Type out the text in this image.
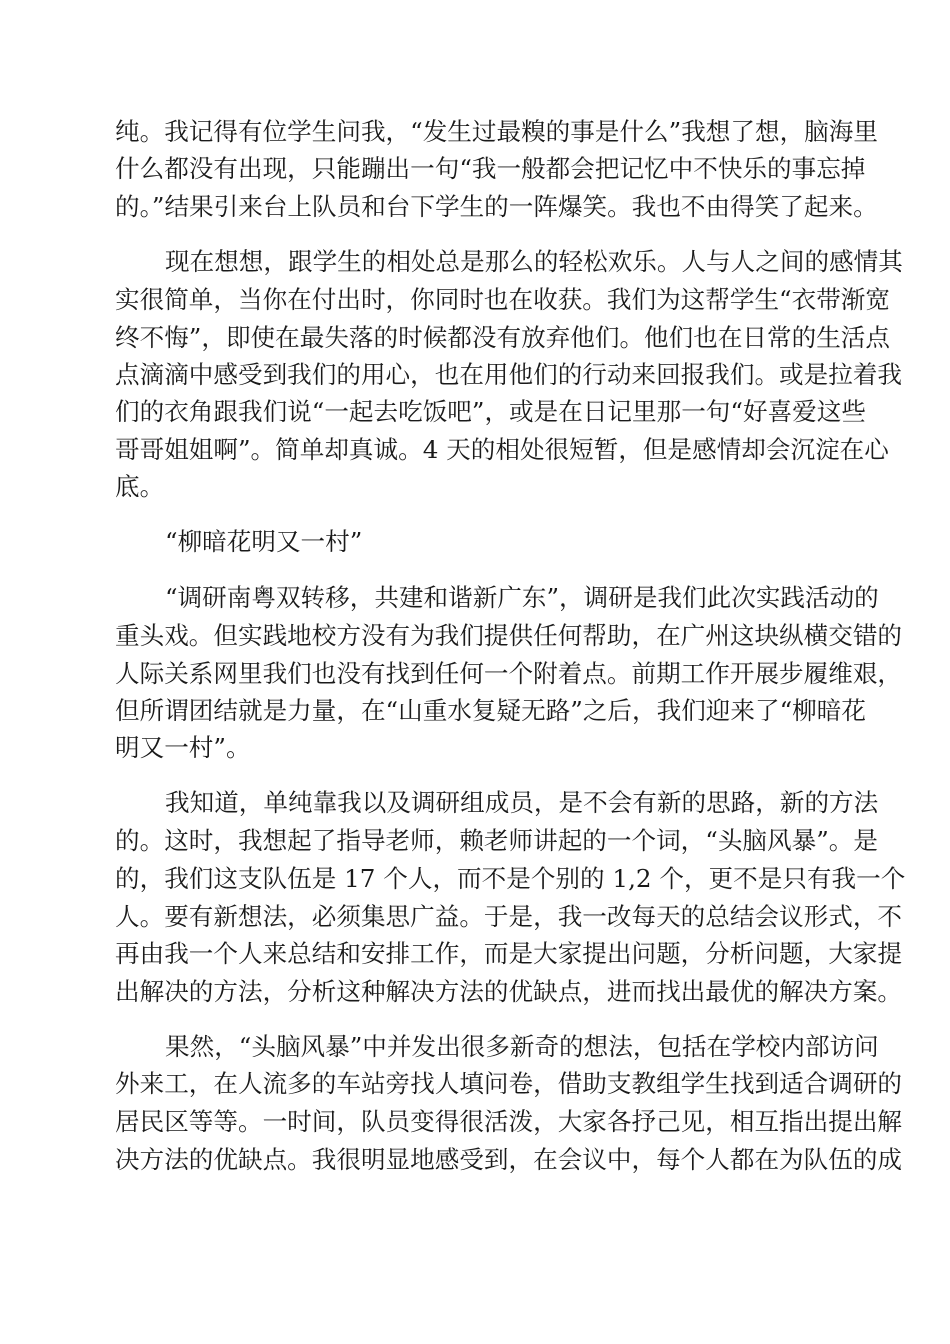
纯。我记得有位学生问我，“发生过最糗的事是什么”我想了想，脑海里
什么都没有出现，只能蹦出一句“我一般都会把记忆中不快乐的事忘掉
的。”结果引来台上队员和台下学生的一阵爆笑。我也不由得笑了起来。
现在想想，跟学生的相处总是那么的轻松欢乐。人与人之间的感情其
实很简单，当你在付出时，你同时也在收获。我们为这帮学生“衣带渐宽
终不悔”，即使在最失落的时候都没有放弃他们。他们也在日常的生活点
点滴滴中感受到我们的用心，也在用他们的行动来回报我们。或是拉着我
们的衣角跟我们说“一起去吃饭吧”，或是在日记里那一句“好喜爱这些
哥哥姐姐啊”。简单却真诚。4 天的相处很短暂，但是感情却会沉淀在心
底。
“柳暗花明又一村”
“调研南粤双转移，共建和谐新广东”，调研是我们此次实践活动的
重头戏。但实践地校方没有为我们提供任何帮助，在广州这块纵横交错的
人际关系网里我们也没有找到任何一个附着点。前期工作开展步履维艰，
但所谓团结就是力量，在“山重水复疑无路”之后，我们迎来了“柳暗花
明又一村”。
我知道，单纯靠我以及调研组成员，是不会有新的思路，新的方法
的。这时，我想起了指导老师，赖老师讲起的一个词，“头脑风暴”。是
的，我们这支队伍是 17 个人，而不是个别的 1,2 个，更不是只有我一个
人。要有新想法，必须集思广益。于是，我一改每天的总结会议形式，不
再由我一个人来总结和安排工作，而是大家提出问题，分析问题，大家提
出解决的方法，分析这种解决方法的优缺点，进而找出最优的解决方案。
果然，“头脑风暴”中并发出很多新奇的想法，包括在学校内部访问
外来工，在人流多的车站旁找人填问卷，借助支教组学生找到适合调研的
居民区等等。一时间，队员变得很活泼，大家各抒己见，相互指出提出解
决方法的优缺点。我很明显地感受到，在会议中，每个人都在为队伍的成
